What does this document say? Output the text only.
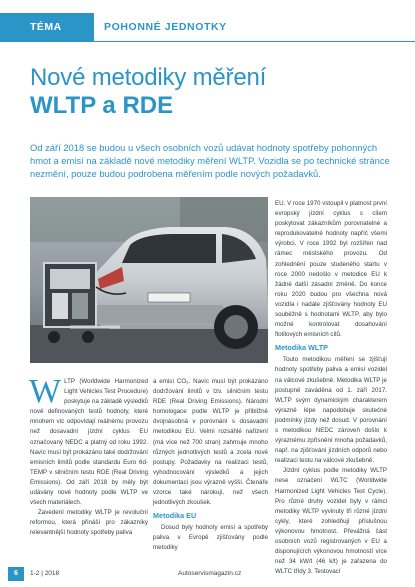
TÉMA	POHONNÉ JEDNOTKY
Nové metodiky měření
WLTP a RDE
Od září 2018 se budou u všech osobních vozů udávat hodnoty spotřeby pohonných hmot a emisí na základě nové metodiky měření WLTP. Vozidla se po technické stránce nezmění, pouze budou podrobena měřením podle nových požadavků.

WLTP (Worldwide Harmonized Light Vehicles Test Procedure) poskytuje na základě výsledků nově definovaných testů hodnoty, které mnohem víc odpovídají reálnému provozu než dosavadní jízdní cyklus EU označovaný NEDC a platný od roku 1992. Navíc musí být prokázáno také dodržování emisních limitů podle standardu Euro 6d-TEMP v silničním testu RDE (Real Driving Emissions). Od září 2018 by měly být udávány nové hodnoty podle WLTP ve všech materiálech.

Zavedení metodiky WLTP je revoluční reformou, která přináší pro zákazníky relevantnější hodnoty spotřeby paliva

a emisí CO₂. Navíc musí být prokázáno dodržování limitů v tzv. silničním testu RDE (Real Driving Emissions). Národní homologace podle WLTP je přibližně dvojnásobná v porovnání s dosavadní metodikou EU. Velmi rozsáhlé nařízení (má více než 700 stran) zahrnuje mnoho různých jednotlivých testů a zcela nové postupy. Požadavky na realizaci testů, vyhodnocování výsledků a jejich dokumentaci jsou výrazně vyšší. Čtenáře vzorce také nárokují, než všech jednotlivých zkoušek.

Metodika EU

Dosud byly hodnoty emisí a spotřeby paliva v Evropě zjišťovány podle metodiky

EU. V roce 1970 vstoupil v platnost první evropský jízdní cyklus s cílem poskytovat zákazníkům porovnatelné a reprodukovatelné hodnoty napříč všemi výrobci. V roce 1992 byl rozšířen nad rámec městského provozu. Od zohlednění pouze studeného startu v roce 2000 nedošlo v metodice EU k žádné další zásadní změně. Do konce roku 2020 budou pro všechna nová vozidla i nadále zjišťovány hodnoty EU souběžně s hodnotami WLTP, aby bylo možné kontrolovat dosahování flotilových emisních cílů.

Metodika WLTP

Touto metodikou měření se zjišťují hodnoty spotřeby paliva a emisí vozidel na válcové zkušebně. Metodika WLTP je postupně zaváděna od 1. září 2017. WLTP svým dynamickým charakterem výrazně lépe napodobuje skutečné podmínky jízdy než dosud. V porovnání s metodikou NEDC zároveň došlo k výraznému zpřísnění mnoha požadavků, např. na zjišťování jízdních odporů nebo realizaci testu na válcové zkušebně.

Jízdní cyklus podle metodiky WLTP nese označení WLTC (Worldwide Harmonized Light Vehicles Test Cycle). Pro různé druhy vozidel byly v rámci metodiky WLTP vyvinuty tři různé jízdní cykly, které zohledňují příslušnou výkonovou hmotnost. Převážná část osobních vozů registrovaných v EU a disponujících výkonovou hmotností více než 34 kW/t (46 k/t) je zařazena do WLTC třídy 3. Testovací

6	1-2 | 2018	Autoservismagazin.cz
